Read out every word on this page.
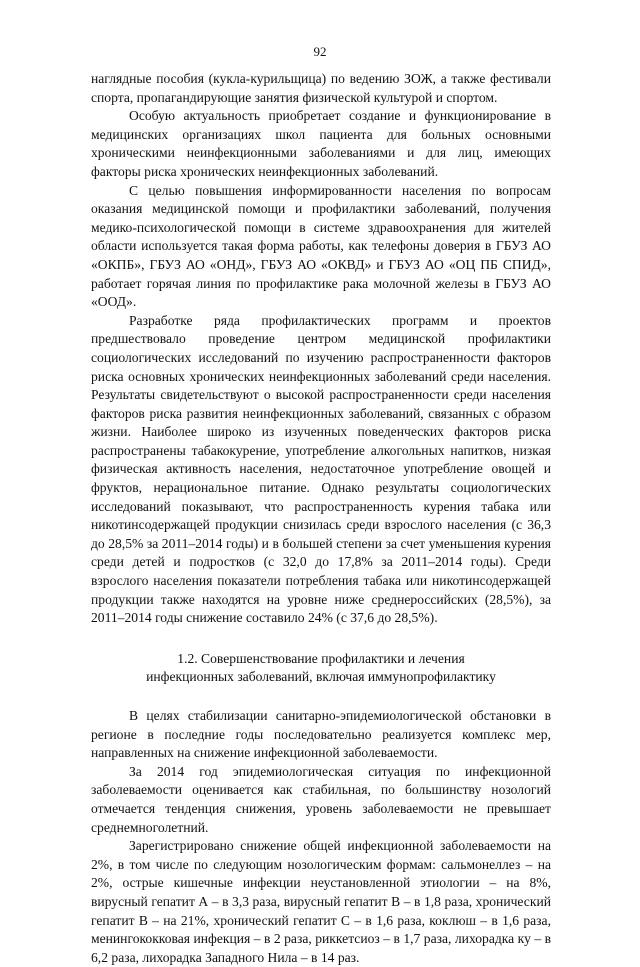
92

наглядные пособия (кукла-курильщица) по ведению ЗОЖ, а также фестивали спорта, пропагандирующие занятия физической культурой и спортом.

Особую актуальность приобретает создание и функционирование в медицинских организациях школ пациента для больных основными хроническими неинфекционными заболеваниями и для лиц, имеющих факторы риска хронических неинфекционных заболеваний.

С целью повышения информированности населения по вопросам оказания медицинской помощи и профилактики заболеваний, получения медико-психологической помощи в системе здравоохранения для жителей области используется такая форма работы, как телефоны доверия в ГБУЗ АО «ОКПБ», ГБУЗ АО «ОНД», ГБУЗ АО «ОКВД» и ГБУЗ АО «ОЦ ПБ СПИД», работает горячая линия по профилактике рака молочной железы в ГБУЗ АО «ООД».

Разработке ряда профилактических программ и проектов предшествовало проведение центром медицинской профилактики социологических исследований по изучению распространенности факторов риска основных хронических неинфекционных заболеваний среди населения. Результаты свидетельствуют о высокой распространенности среди населения факторов риска развития неинфекционных заболеваний, связанных с образом жизни. Наиболее широко из изученных поведенческих факторов риска распространены табакокурение, употребление алкогольных напитков, низкая физическая активность населения, недостаточное употребление овощей и фруктов, нерациональное питание. Однако результаты социологических исследований показывают, что распространенность курения табака или никотинсодержащей продукции снизилась среди взрослого населения (с 36,3 до 28,5% за 2011–2014 годы) и в большей степени за счет уменьшения курения среди детей и подростков (с 32,0 до 17,8% за 2011–2014 годы). Среди взрослого населения показатели потребления табака или никотинсодержащей продукции также находятся на уровне ниже среднероссийских (28,5%), за 2011–2014 годы снижение составило 24% (с 37,6 до 28,5%).

1.2. Совершенствование профилактики и лечения
инфекционных заболеваний, включая иммунопрофилактику

В целях стабилизации санитарно-эпидемиологической обстановки в регионе в последние годы последовательно реализуется комплекс мер, направленных на снижение инфекционной заболеваемости.

За 2014 год эпидемиологическая ситуация по инфекционной заболеваемости оценивается как стабильная, по большинству нозологий отмечается тенденция снижения, уровень заболеваемости не превышает среднемноголетний.

Зарегистрировано снижение общей инфекционной заболеваемости на 2%, в том числе по следующим нозологическим формам: сальмонеллез – на 2%, острые кишечные инфекции неустановленной этиологии – на 8%, вирусный гепатит А – в 3,3 раза, вирусный гепатит В – в 1,8 раза, хронический гепатит В – на 21%, хронический гепатит С – в 1,6 раза, коклюш – в 1,6 раза, менингококковая инфекция – в 2 раза, риккетсиоз – в 1,7 раза, лихорадка ку – в 6,2 раза, лихорадка Западного Нила – в 14 раз.
